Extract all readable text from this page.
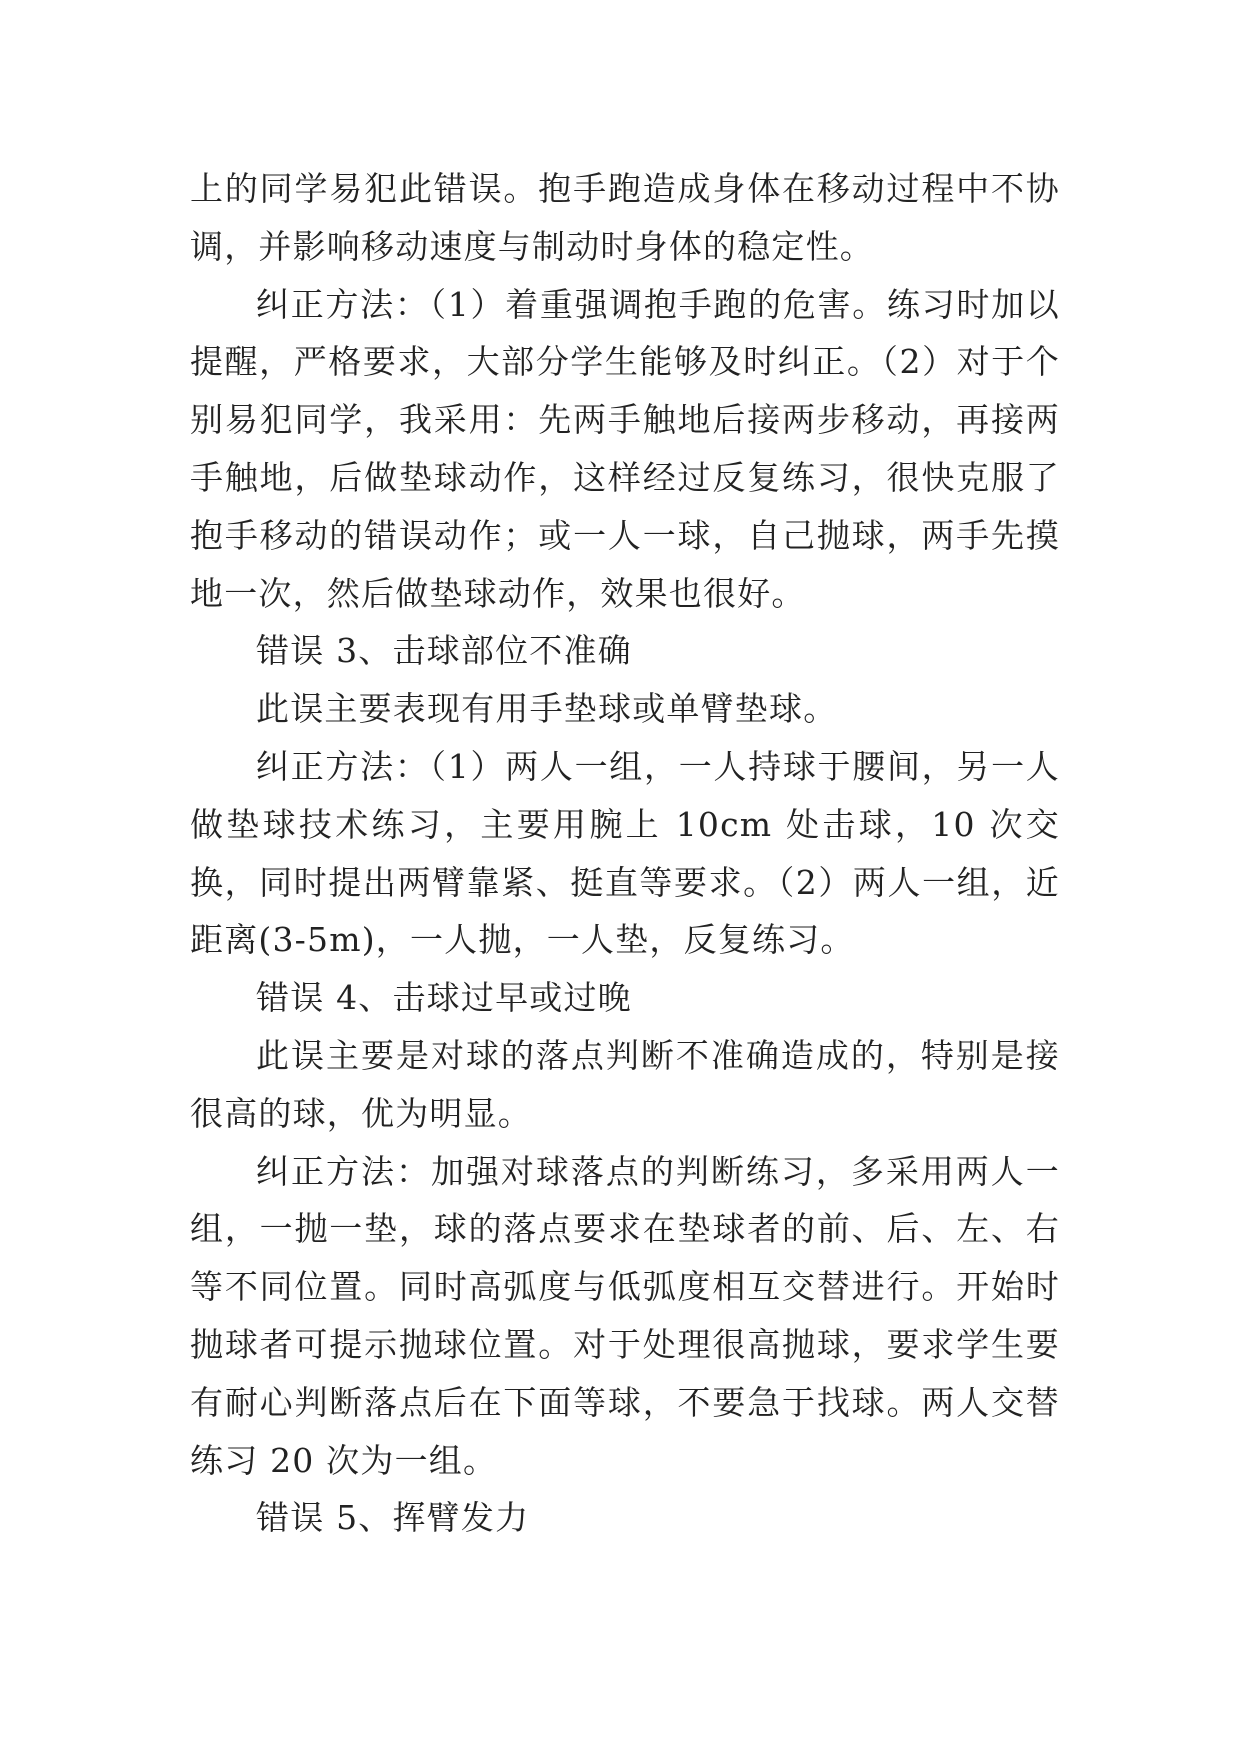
上的同学易犯此错误。抱手跑造成身体在移动过程中不协调，并影响移动速度与制动时身体的稳定性。

纠正方法：（1）着重强调抱手跑的危害。练习时加以提醒，严格要求，大部分学生能够及时纠正。（2）对于个别易犯同学，我采用：先两手触地后接两步移动，再接两手触地，后做垫球动作，这样经过反复练习，很快克服了抱手移动的错误动作；或一人一球，自己抛球，两手先摸地一次，然后做垫球动作，效果也很好。

错误 3、击球部位不准确

此误主要表现有用手垫球或单臂垫球。

纠正方法：（1）两人一组，一人持球于腰间，另一人做垫球技术练习，主要用腕上 10cm 处击球，10 次交换，同时提出两臂靠紧、挺直等要求。（2）两人一组，近距离(3-5m)，一人抛，一人垫，反复练习。

错误 4、击球过早或过晚

此误主要是对球的落点判断不准确造成的，特别是接很高的球，优为明显。

纠正方法：加强对球落点的判断练习，多采用两人一组，一抛一垫，球的落点要求在垫球者的前、后、左、右等不同位置。同时高弧度与低弧度相互交替进行。开始时抛球者可提示抛球位置。对于处理很高抛球，要求学生要有耐心判断落点后在下面等球，不要急于找球。两人交替练习 20 次为一组。

错误 5、挥臂发力
